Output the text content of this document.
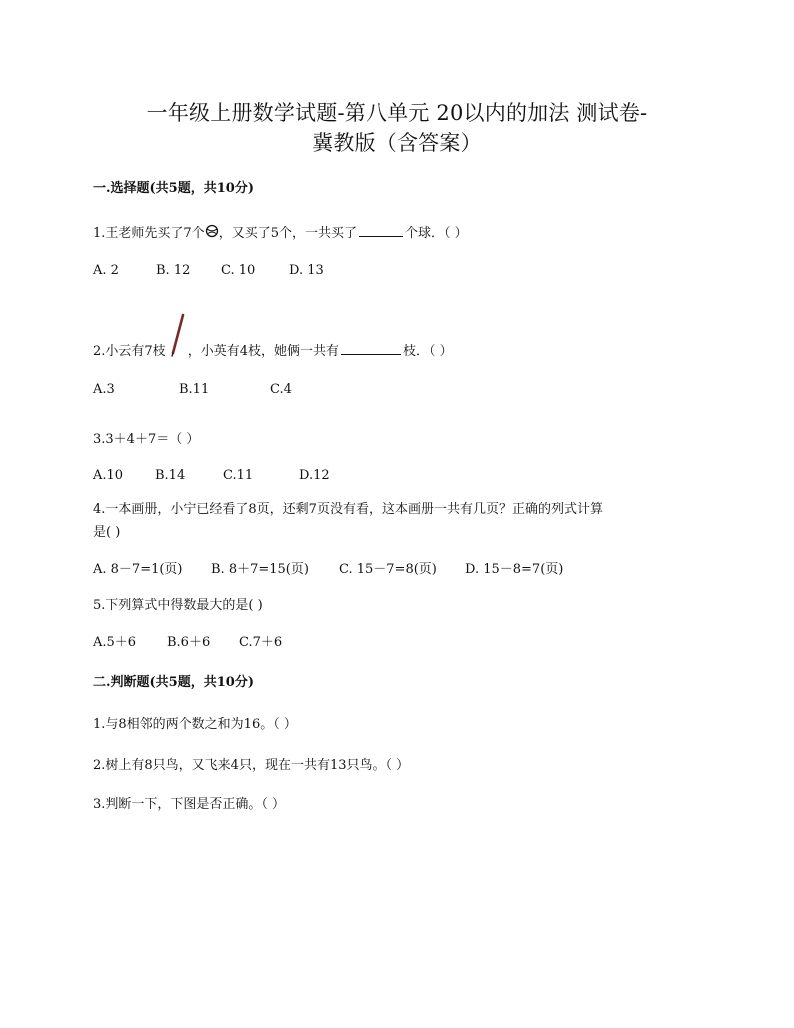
一年级上册数学试题-第八单元 20以内的加法 测试卷-
冀教版（含答案）
一.选择题(共5题，共10分)
1.王老师先买了7个 ，又买了5个，一共买了	个球．（ ）
A. 2	B. 12 C. 10	D. 13
2.小云有7枝 ，小英有4枝，她俩一共有	枝．（ ）
A.3	B.11	C.4
3.3＋4＋7＝（ ）
A.10 B.14	C.11	D.12
4.一本画册，小宁已经看了8页，还剩7页没有看，这本画册一共有几页？正确的列式计算
是( )
A. 8－7=1(页) B. 8＋7=15(页) C. 15－7=8(页) D. 15－8=7(页)
5.下列算式中得数最大的是( )
A.5＋6 B.6＋6 C.7＋6
二.判断题(共5题，共10分)
1.与8相邻的两个数之和为16。（ ）
2.树上有8只鸟，又飞来4只，现在一共有13只鸟。（ ）
3.判断一下，下图是否正确。（ ）
